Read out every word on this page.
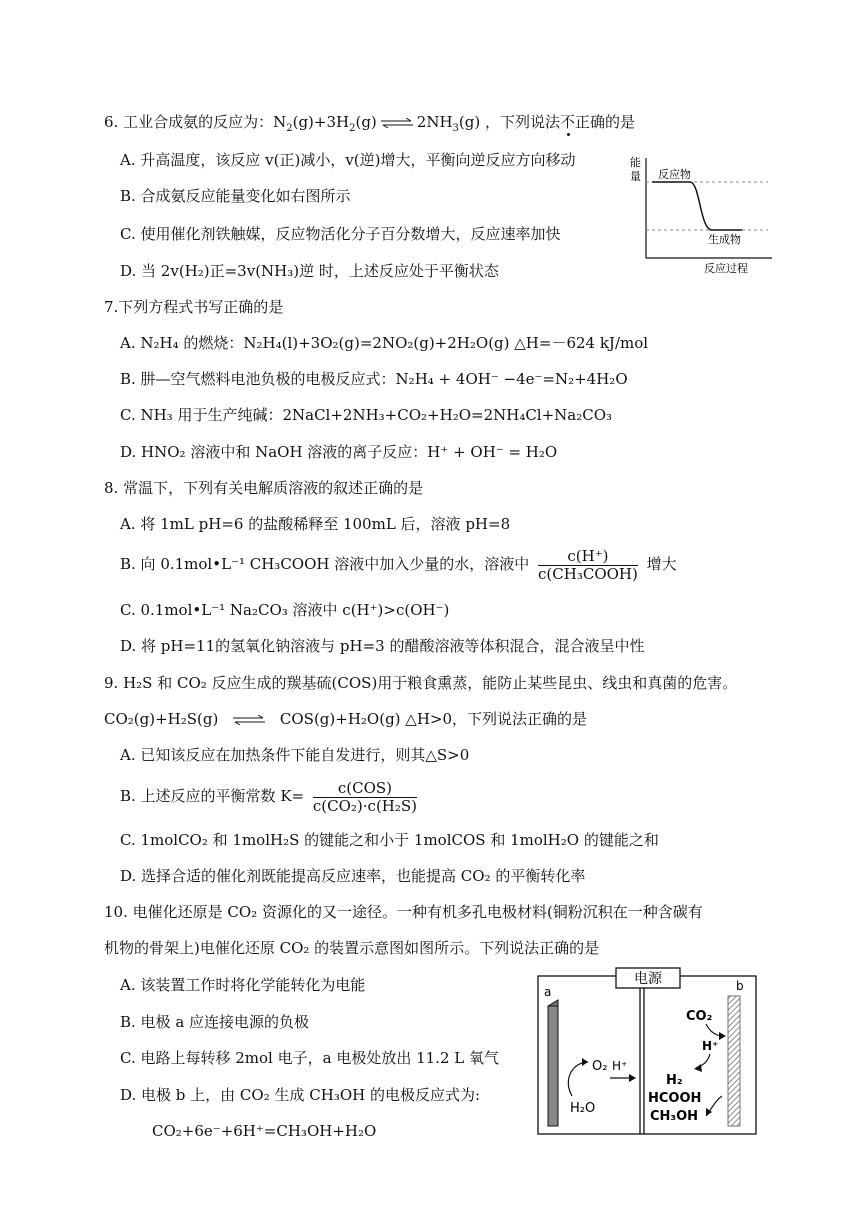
6. 工业合成氨的反应为：$N_2(g)+3H_2(g)$ ⇌ $2NH_3(g)$ ，下列说法不正确的是
A. 升高温度，该反应 v(正)减小，v(逆)增大，平衡向逆反应方向移动
B. 合成氨反应能量变化如右图所示
C. 使用催化剂铁触媒，反应物活化分子百分数增大，反应速率加快
D. 当 2v(H₂)正=3v(NH₃)逆 时，上述反应处于平衡状态
能
量 反应物
生成物
反应过程
7.下列方程式书写正确的是
A. N₂H₄ 的燃烧：N₂H₄(l)+3O₂(g)=2NO₂(g)+2H₂O(g) △H=－624 kJ/mol
B. 肼—空气燃料电池负极的电极反应式：N₂H₄ + 4OH⁻ −4e⁻=N₂+4H₂O
C. NH₃ 用于生产纯碱：2NaCl+2NH₃+CO₂+H₂O=2NH₄Cl+Na₂CO₃
D. HNO₂ 溶液中和 NaOH 溶液的离子反应：H⁺ + OH⁻ = H₂O
8. 常温下，下列有关电解质溶液的叙述正确的是
A. 将 1mL pH=6 的盐酸稀释至 100mL 后，溶液 pH=8
B. 向 0.1mol•L⁻¹ CH₃COOH 溶液中加入少量的水，溶液中 $\frac{c(H^+)}{\text{c(CH₃COOH)}}$ 增大
C. 0.1mol•L⁻¹ Na₂CO₃ 溶液中 c(H⁺)>c(OH⁻)
D. 将 pH=11的氢氧化钠溶液与 pH=3 的醋酸溶液等体积混合，混合液呈中性
9. H₂S 和 CO₂ 反应生成的羰基硫(COS)用于粮食熏蒸，能防止某些昆虫、线虫和真菌的危害。
CO₂(g)+H₂S(g) ⇌ COS(g)+H₂O(g) △H>0，下列说法正确的是
A. 已知该反应在加热条件下能自发进行，则其△S>0
B. 上述反应的平衡常数 $K= \frac{\text{c(COS)}}{\text{c(CO₂)·c(H₂S)}}$
C. 1molCO₂ 和 1molH₂S 的键能之和小于 1molCOS 和 1molH₂O 的键能之和
D. 选择合适的催化剂既能提高反应速率，也能提高 CO₂ 的平衡转化率
10. 电催化还原是 CO₂ 资源化的又一途径。一种有机多孔电极材料(铜粉沉积在一种含碳有
机物的骨架上)电催化还原 CO₂ 的装置示意图如图所示。下列说法正确的是
A. 该装置工作时将化学能转化为电能
B. 电极 a 应连接电源的负极
C. 电路上每转移 2mol 电子，a 电极处放出 11.2 L 氧气
D. 电极 b 上，由 CO₂ 生成 CH₃OH 的电极反应式为:
CO₂+6e⁻+6H⁺=CH₃OH+H₂O
电源
a	b
O₂
H₂O
H⁺
CO₂
H⁺
H₂
HCOOH
CH₃OH
